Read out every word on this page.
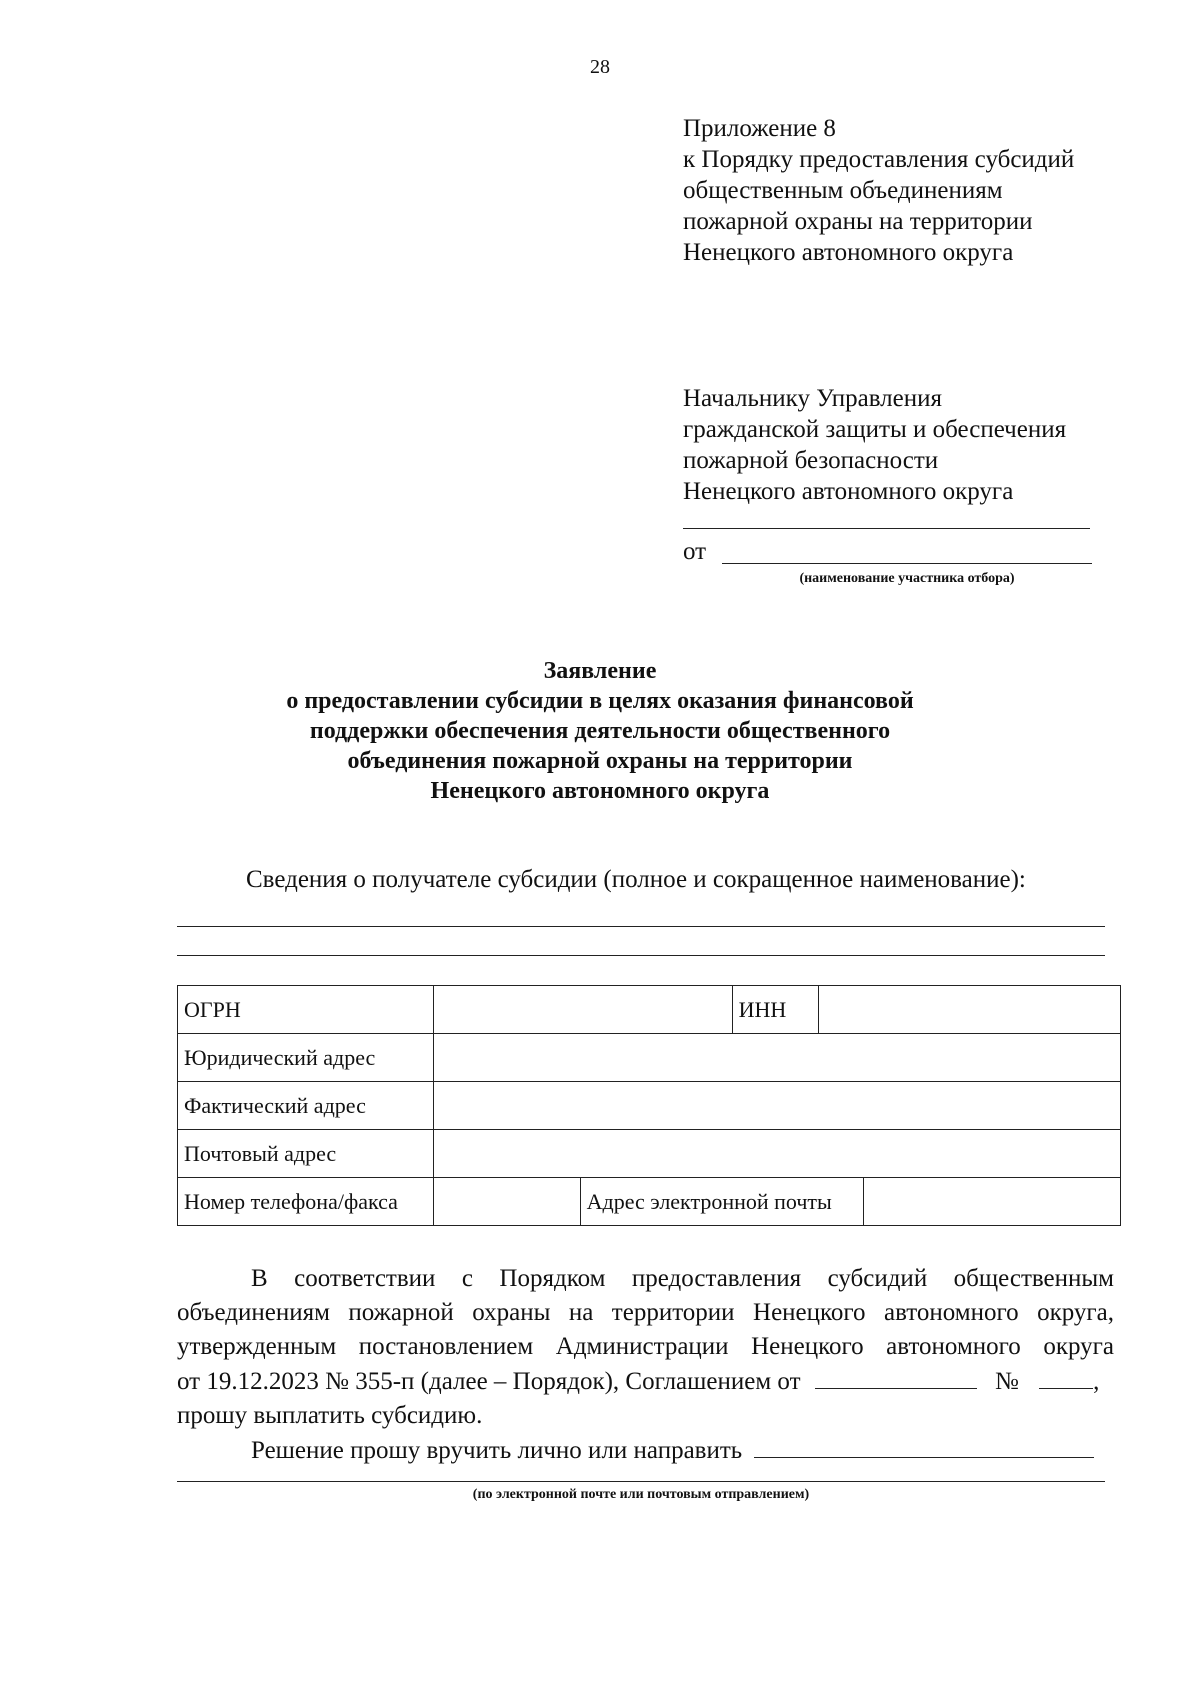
28
Приложение 8
к Порядку предоставления субсидий
общественным объединениям
пожарной охраны на территории
Ненецкого автономного округа
Начальнику Управления
гражданской защиты и обеспечения
пожарной безопасности
Ненецкого автономного округа
от
(наименование участника отбора)
Заявление
о предоставлении субсидии в целях оказания финансовой
поддержки обеспечения деятельности общественного
объединения пожарной охраны на территории
Ненецкого автономного округа
Сведения о получателе субсидии (полное и сокращенное наименование):
ОГРН			ИНН		
Юридический адрес					
Фактический адрес					
Почтовый адрес					
Номер телефона/факса		Адрес электронной почты			
В соответствии с Порядком предоставления субсидий общественным
объединениям пожарной охраны на территории Ненецкого автономного округа,
утвержденным постановлением Администрации Ненецкого автономного округа
от 19.12.2023 № 355-п (далее – Порядок), Соглашением от	№	,
прошу выплатить субсидию.
Решение прошу вручить лично или направить
(по электронной почте или почтовым отправлением)
